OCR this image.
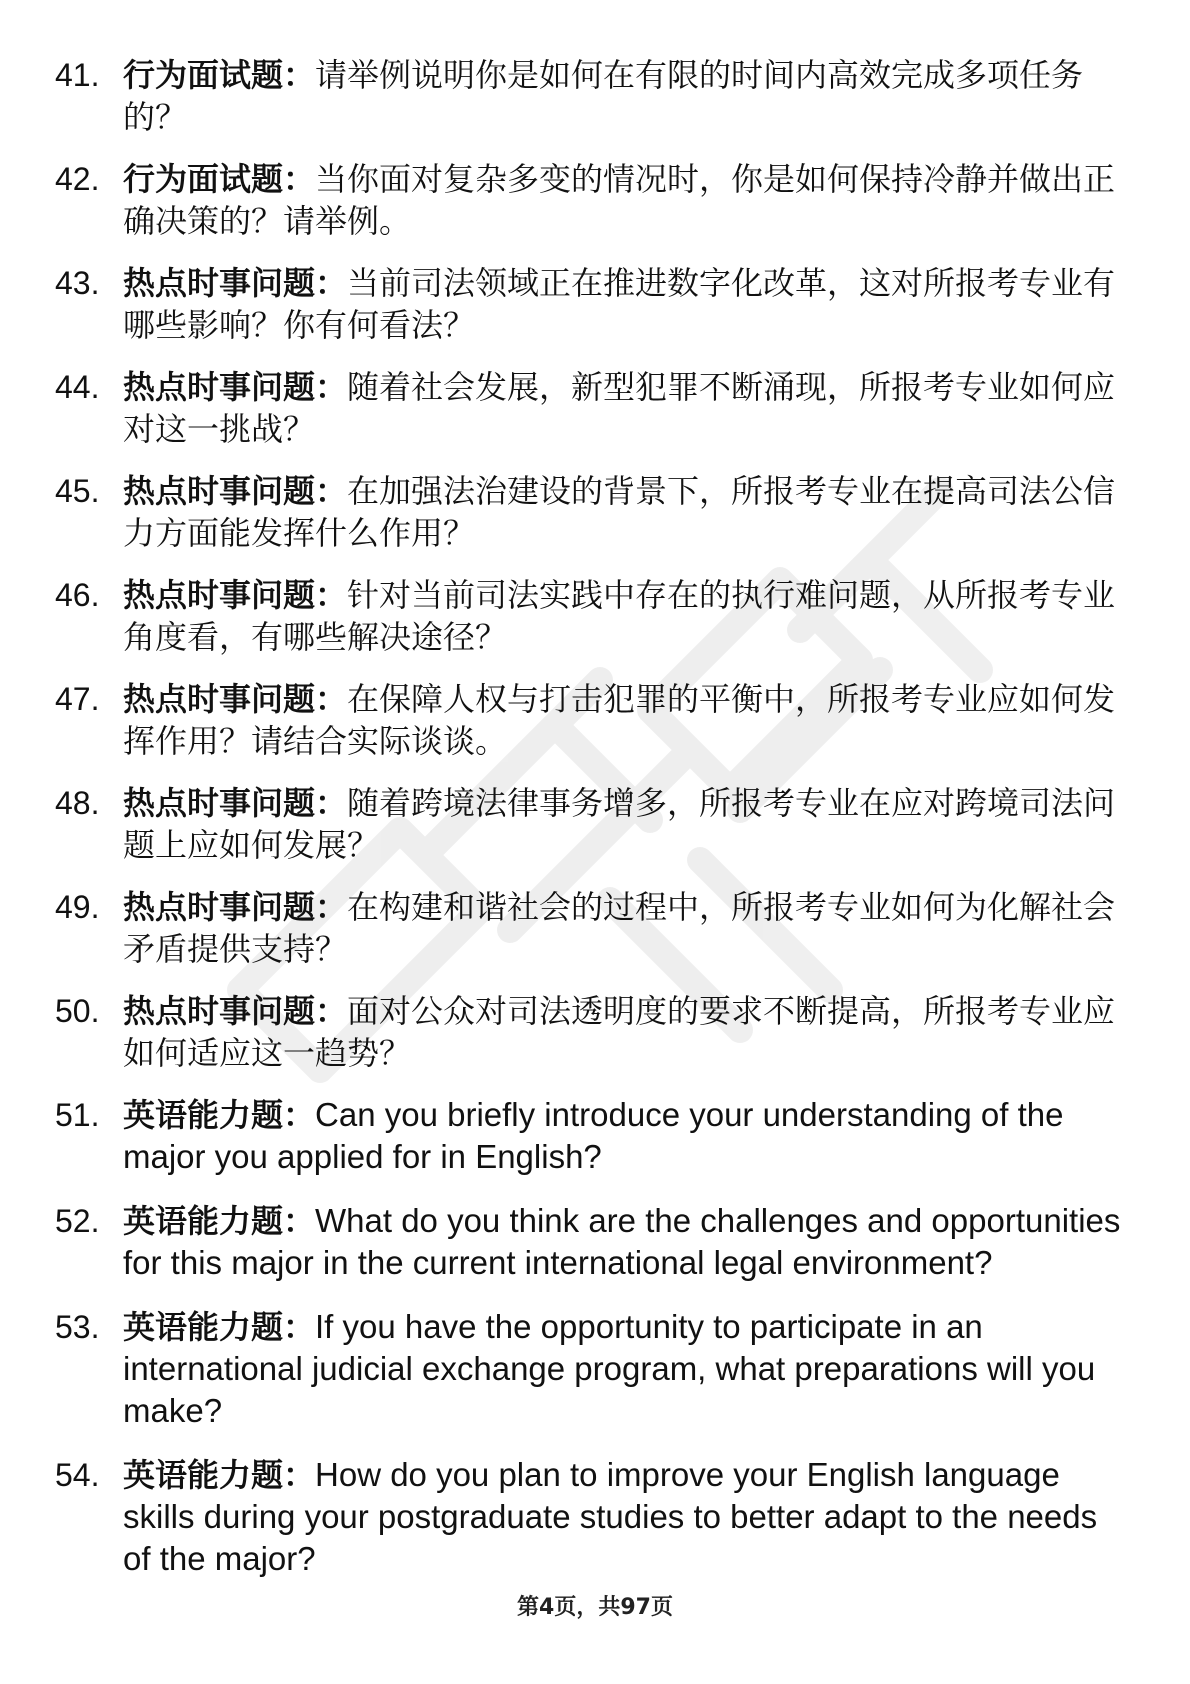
41. 行为面试题：请举例说明你是如何在有限的时间内高效完成多项任务的？
42. 行为面试题：当你面对复杂多变的情况时，你是如何保持冷静并做出正确决策的？请举例。
43. 热点时事问题：当前司法领域正在推进数字化改革，这对所报考专业有哪些影响？你有何看法？
44. 热点时事问题：随着社会发展，新型犯罪不断涌现，所报考专业如何应对这一挑战？
45. 热点时事问题：在加强法治建设的背景下，所报考专业在提高司法公信力方面能发挥什么作用？
46. 热点时事问题：针对当前司法实践中存在的执行难问题，从所报考专业角度看，有哪些解决途径？
47. 热点时事问题：在保障人权与打击犯罪的平衡中，所报考专业应如何发挥作用？请结合实际谈谈。
48. 热点时事问题：随着跨境法律事务增多，所报考专业在应对跨境司法问题上应如何发展？
49. 热点时事问题：在构建和谐社会的过程中，所报考专业如何为化解社会矛盾提供支持？
50. 热点时事问题：面对公众对司法透明度的要求不断提高，所报考专业应如何适应这一趋势？
51. 英语能力题：Can you briefly introduce your understanding of the major you applied for in English?
52. 英语能力题：What do you think are the challenges and opportunities for this major in the current international legal environment?
53. 英语能力题：If you have the opportunity to participate in an international judicial exchange program, what preparations will you make?
54. 英语能力题：How do you plan to improve your English language skills during your postgraduate studies to better adapt to the needs of the major?
第4页，共97页
